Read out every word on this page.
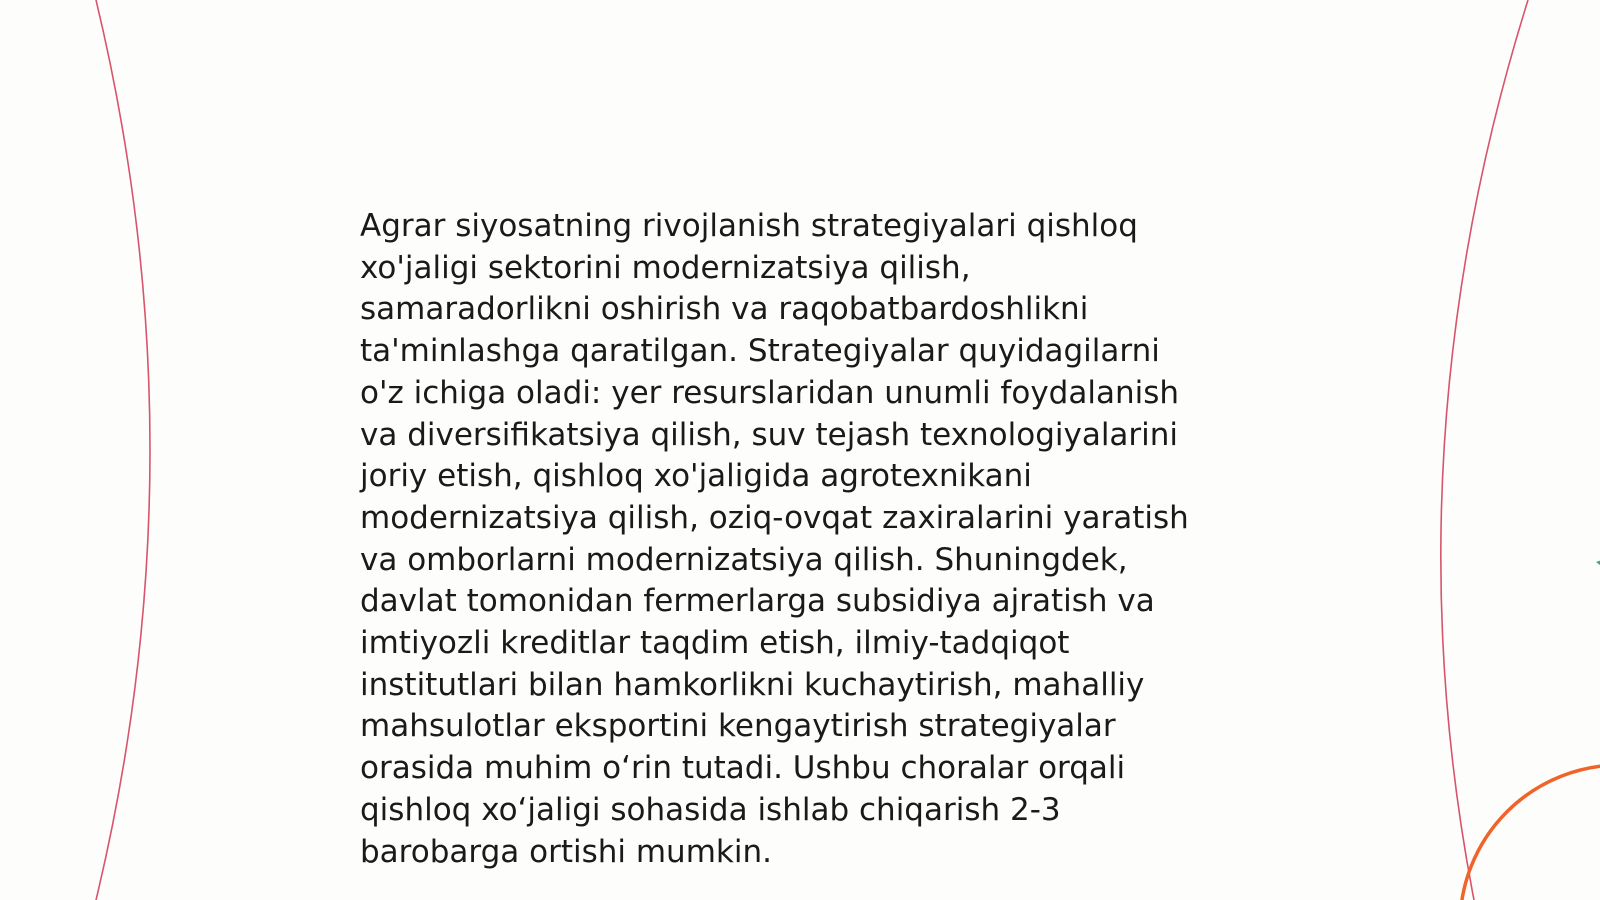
Agrar siyosatning rivojlanish strategiyalari qishloq
xo'jaligi sektorini modernizatsiya qilish,
samaradorlikni oshirish va raqobatbardoshlikni
ta'minlashga qaratilgan. Strategiyalar quyidagilarni
o'z ichiga oladi: yer resurslaridan unumli foydalanish
va diversifikatsiya qilish, suv tejash texnologiyalarini
joriy etish, qishloq xo'jaligida agrotexnikani
modernizatsiya qilish, oziq-ovqat zaxiralarini yaratish
va omborlarni modernizatsiya qilish. Shuningdek,
davlat tomonidan fermerlarga subsidiya ajratish va
imtiyozli kreditlar taqdim etish, ilmiy-tadqiqot
institutlari bilan hamkorlikni kuchaytirish, mahalliy
mahsulotlar eksportini kengaytirish strategiyalar
orasida muhim o‘rin tutadi. Ushbu choralar orqali
qishloq xo‘jaligi sohasida ishlab chiqarish 2-3
barobarga ortishi mumkin.
